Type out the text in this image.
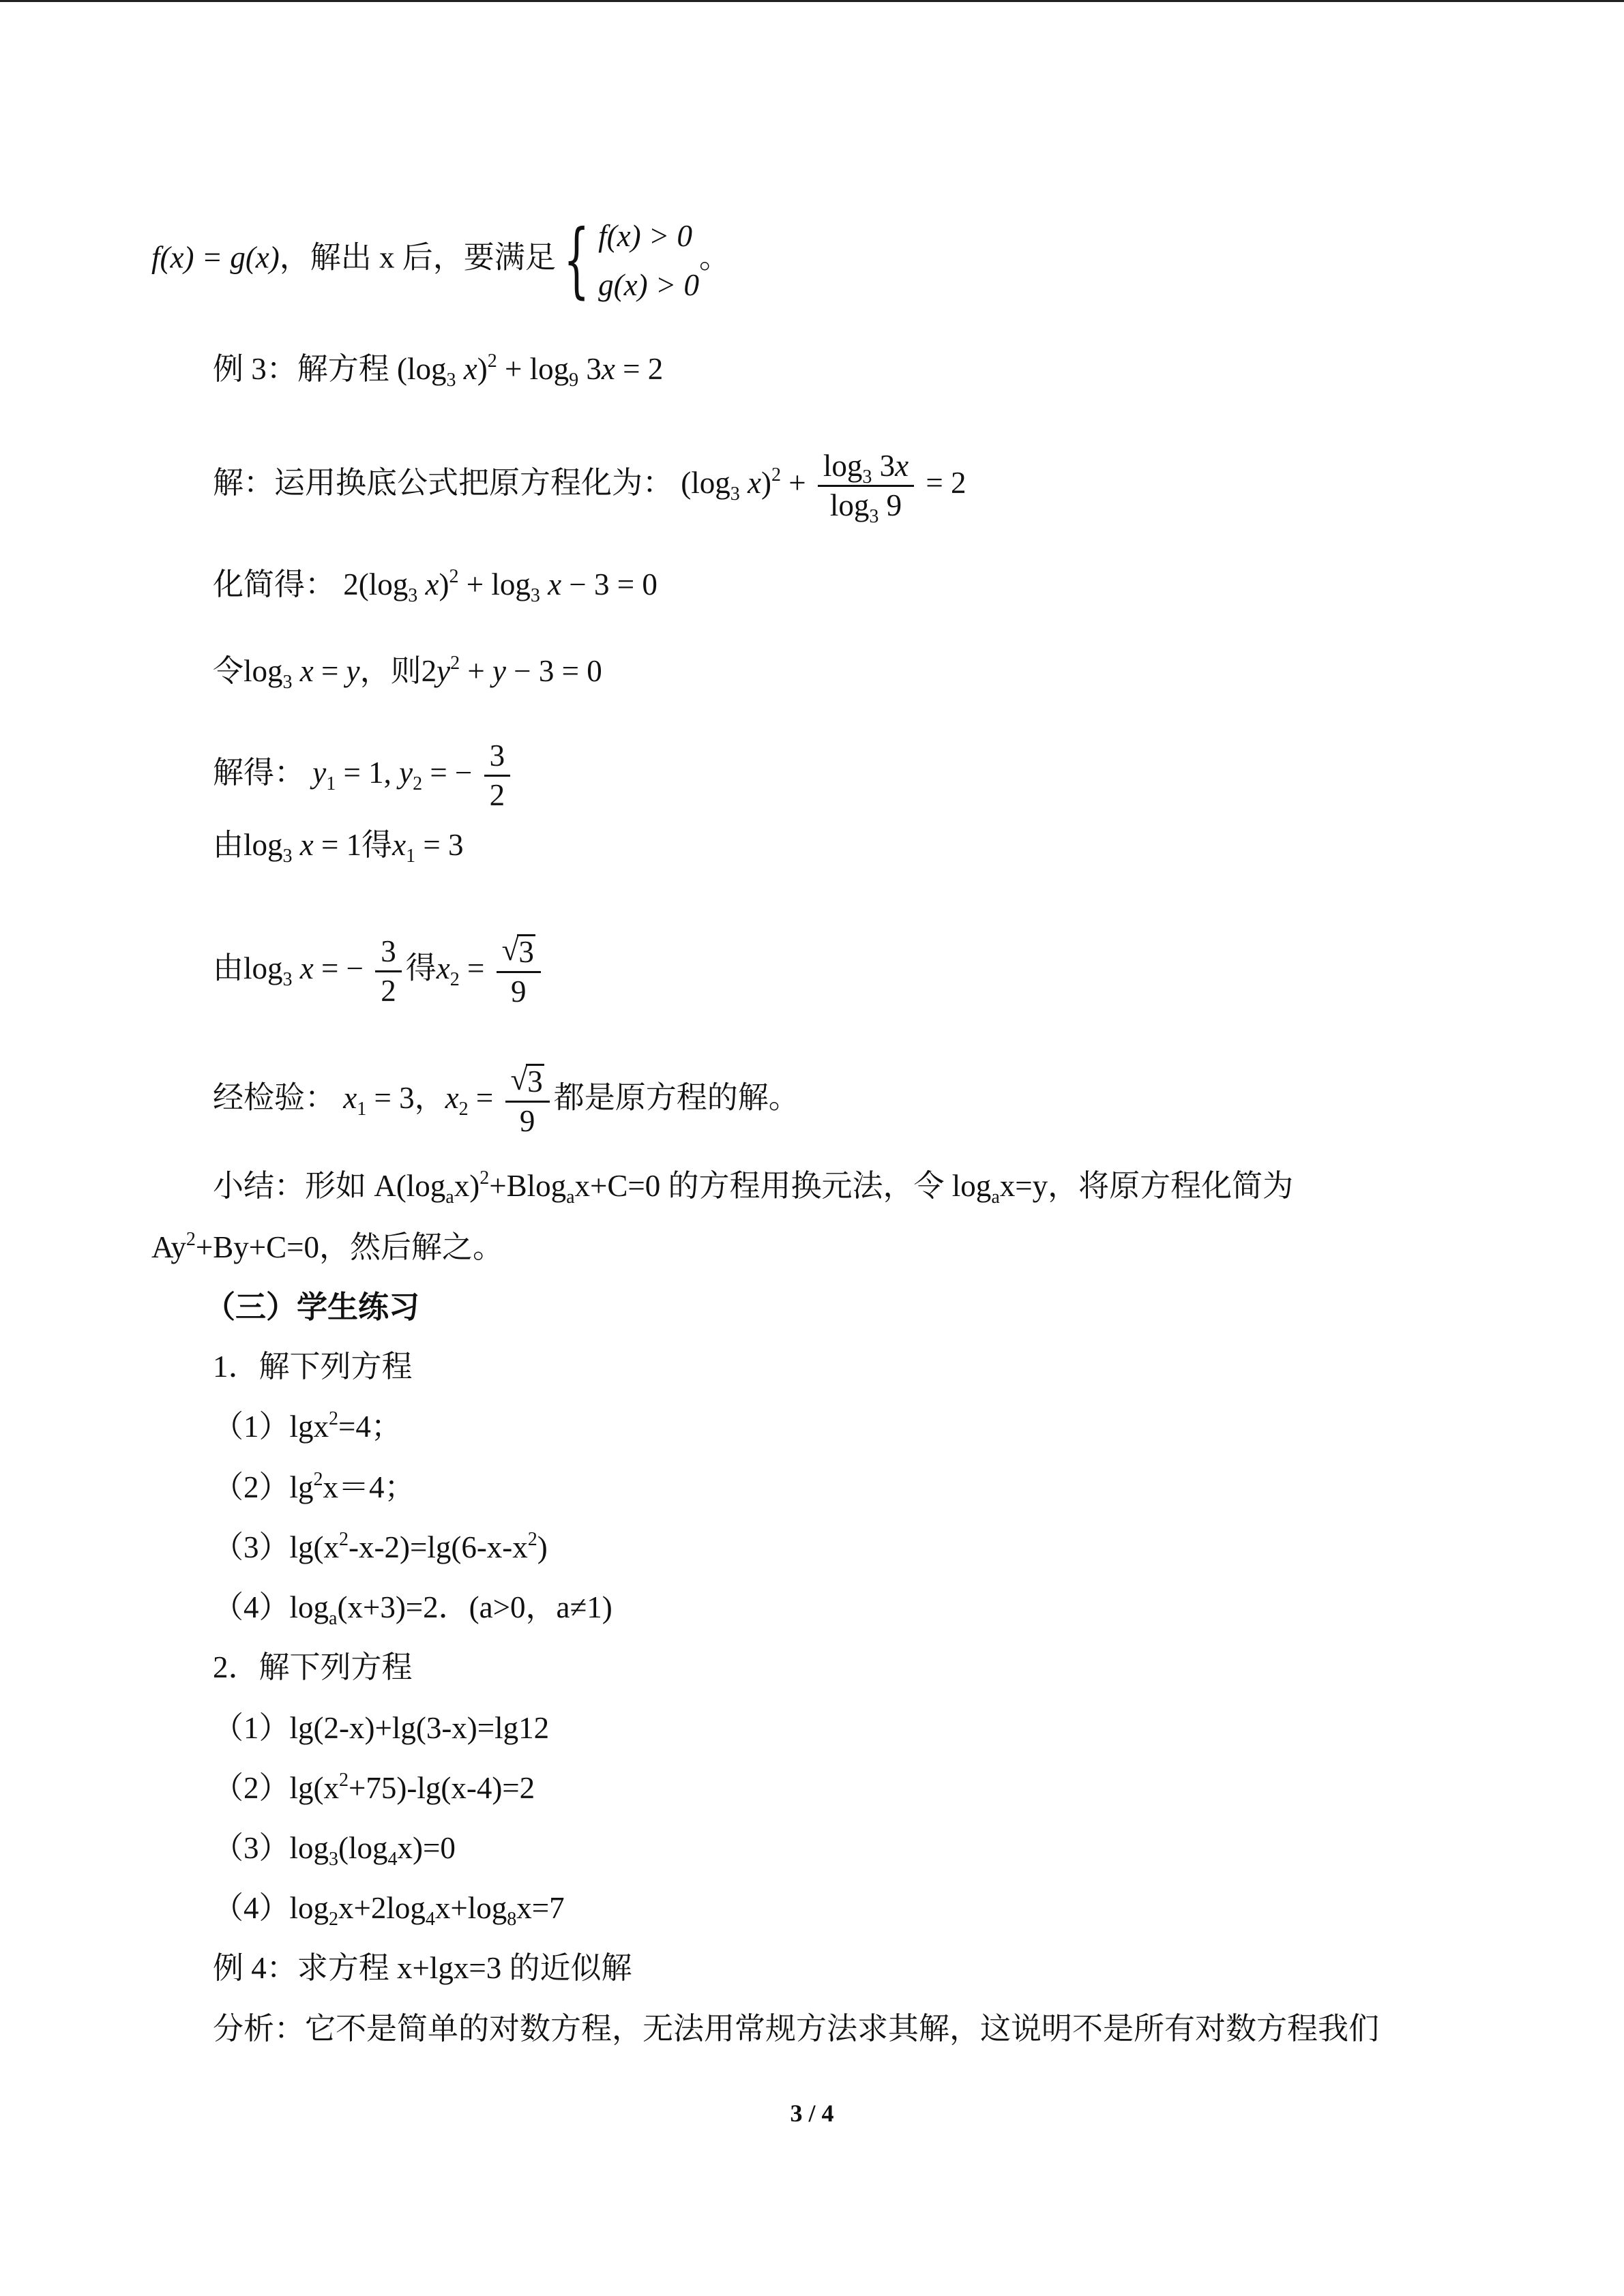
f(x) = g(x)，解出 x 后，要满足 { f(x) > 0
g(x) > 0
。
例 3：解方程 ($\log_3$ $x)^2 + \log_9 3x = 2$
解：运用换底公式把原方程化为： ($\log_3$ $x)^2 + \frac{\log_3 3x}{\log_3 9} = 2$
化简得： $2(\log_3$ $x)^2 + \log_3 x - 3 = 0$
令$\log_3 x = y$，则$2y^2 + y - 3 = 0$
解得： $y_1 = 1$, $y_2$ = − $\frac{3}{2}$
由$\log_3 x = 1$得$x_1 = 3$
由$\log_3 x$ = − $\frac{3}{2}$ 得$x_2 = \frac{√ 3}{9}$
经检验： $x_1 = 3$，$x_2 = \frac{√ 3}{9}$ 都是原方程的解。
小结：形如 $A(\log_ax)^2+Blog_ax+C=0$ 的方程用换元法，令 $\log_ax=y$，将原方程化简为
$Ay^2+By+C=0$，然后解之。
（三）学生练习
1．解下列方程
（1）lgx$^2$=4；
$(2)\lg^2x=4$；
$(3)\lg(x^2-x-2)=\lg(6-x-x^2)$
$(4)\log_a(x+3)=2$．(a>0，a≠1)
2．解下列方程
（1）lg(2-x)+lg(3-x)=lg12
$(2)\lg(x^2+75)-\lg(x-4)=2$
$(3)\log_3(\log_4x)=0$
$(4)\log_2x+2\log_4x+\log_8x=7$
例 4：求方程 x+lgx=3 的近似解
分析：它不是简单的对数方程，无法用常规方法求其解，这说明不是所有对数方程我们
3 / 4
